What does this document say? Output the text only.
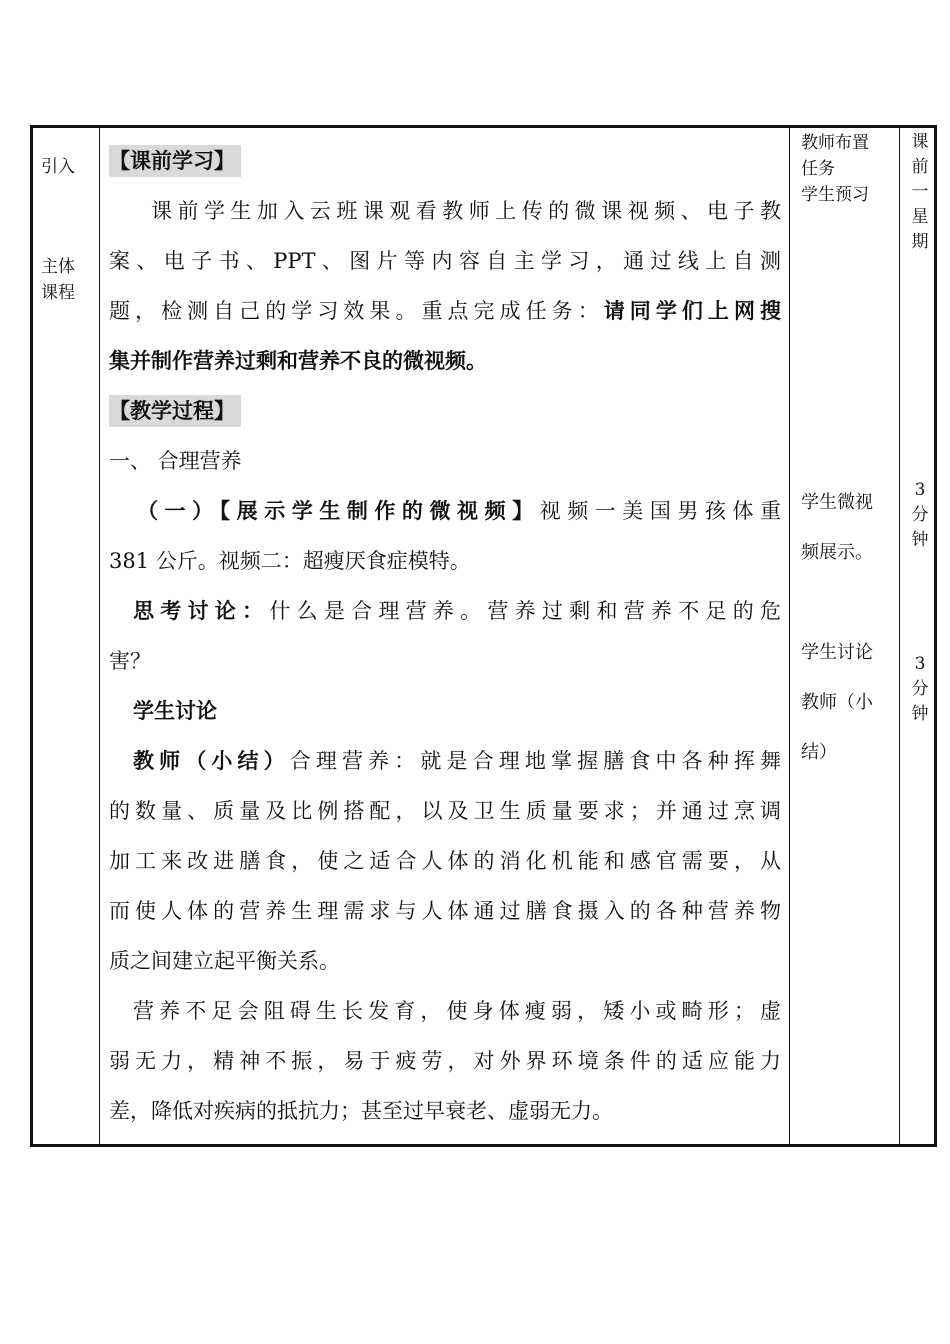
引入
主体
课程
【课前学习】
课前学生加入云班课观看教师上传的微课视频、电子教
案、电子书、PPT、图片等内容自主学习，通过线上自测
题，检测自己的学习效果。重点完成任务：请同学们上网搜
集并制作营养过剩和营养不良的微视频。
【教学过程】
一、 合理营养
（一）【展示学生制作的微视频】视频一美国男孩体重
381 公斤。视频二：超瘦厌食症模特。
思考讨论：什么是合理营养。营养过剩和营养不足的危
害？
学生讨论
教师（小结）合理营养：就是合理地掌握膳食中各种挥舞
的数量、质量及比例搭配，以及卫生质量要求；并通过烹调
加工来改进膳食，使之适合人体的消化机能和感官需要，从
而使人体的营养生理需求与人体通过膳食摄入的各种营养物
质之间建立起平衡关系。
营养不足会阻碍生长发育，使身体瘦弱，矮小或畸形；虚
弱无力，精神不振，易于疲劳，对外界环境条件的适应能力
差，降低对疾病的抵抗力；甚至过早衰老、虚弱无力。
教师布置
任务
学生预习
学生微视
频展示。
学生讨论
教师（小
结）
课
前
一
星
期
3
分
钟
3
分
钟
